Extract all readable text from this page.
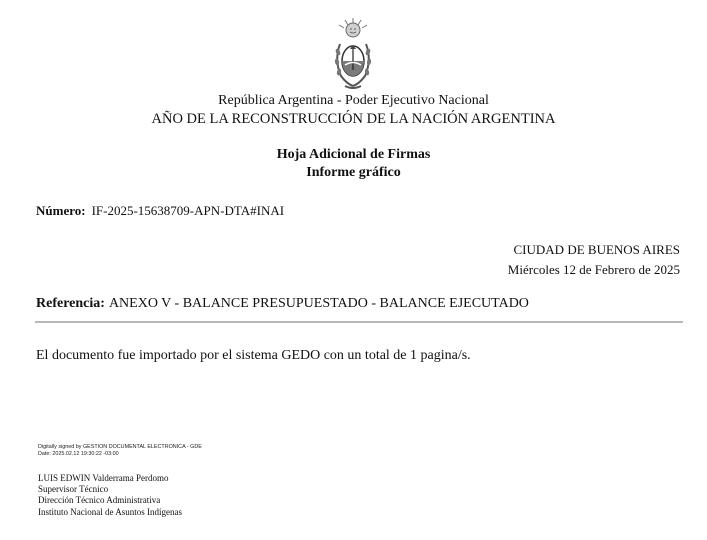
República Argentina - Poder Ejecutivo Nacional
AÑO DE LA RECONSTRUCCIÓN DE LA NACIÓN ARGENTINA
Hoja Adicional de Firmas
Informe gráfico
Número: IF-2025-15638709-APN-DTA#INAI
CIUDAD DE BUENOS AIRES
Miércoles 12 de Febrero de 2025
Referencia: ANEXO V - BALANCE PRESUPUESTADO - BALANCE EJECUTADO
El documento fue importado por el sistema GEDO con un total de 1 pagina/s.
Digitally signed by GESTION DOCUMENTAL ELECTRONICA - GDE
Date: 2025.02.12 19:30:22 -03:00
LUIS EDWIN Valderrama Perdomo
Supervisor Técnico
Dirección Técnico Administrativa
Instituto Nacional de Asuntos Indígenas
